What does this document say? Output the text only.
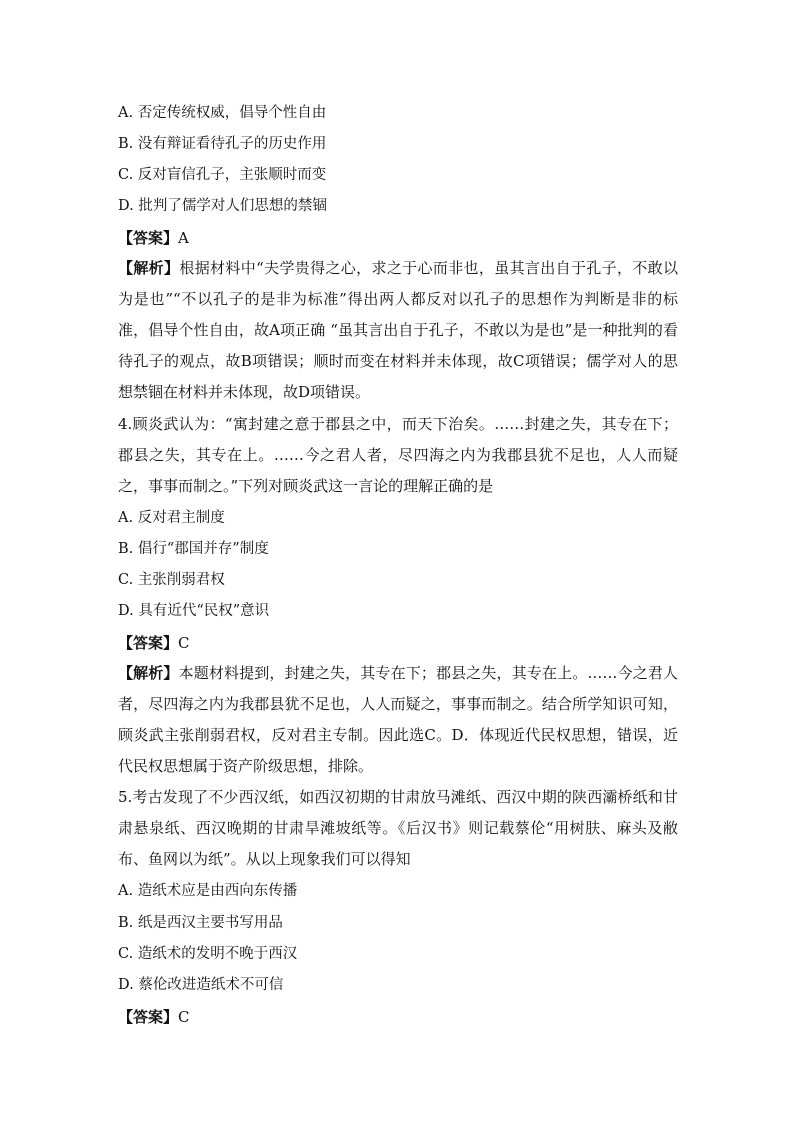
A. 否定传统权威，倡导个性自由
B. 没有辩证看待孔子的历史作用
C. 反对盲信孔子，主张顺时而变
D. 批判了儒学对人们思想的禁锢
【答案】A
【解析】根据材料中“夫学贵得之心，求之于心而非也，虽其言出自于孔子，不敢以为是也”“不以孔子的是非为标准”得出两人都反对以孔子的思想作为判断是非的标准，倡导个性自由，故A项正确 “虽其言出自于孔子，不敢以为是也”是一种批判的看待孔子的观点，故B项错误；顺时而变在材料并未体现，故C项错误；儒学对人的思想禁锢在材料并未体现，故D项错误。
4.顾炎武认为：“寓封建之意于郡县之中，而天下治矣。……封建之失，其专在下；郡县之失，其专在上。……今之君人者，尽四海之内为我郡县犹不足也，人人而疑之，事事而制之。”下列对顾炎武这一言论的理解正确的是
A. 反对君主制度
B. 倡行“郡国并存”制度
C. 主张削弱君权
D. 具有近代“民权”意识
【答案】C
【解析】本题材料提到，封建之失，其专在下；郡县之失，其专在上。……今之君人者，尽四海之内为我郡县犹不足也，人人而疑之，事事而制之。结合所学知识可知，顾炎武主张削弱君权，反对君主专制。因此选C。D．体现近代民权思想，错误，近代民权思想属于资产阶级思想，排除。
5.考古发现了不少西汉纸，如西汉初期的甘肃放马滩纸、西汉中期的陕西灞桥纸和甘肃悬泉纸、西汉晚期的甘肃旱滩坡纸等。《后汉书》则记载蔡伦“用树肤、麻头及敝布、鱼网以为纸”。从以上现象我们可以得知
A. 造纸术应是由西向东传播
B. 纸是西汉主要书写用品
C. 造纸术的发明不晚于西汉
D. 蔡伦改进造纸术不可信
【答案】C
